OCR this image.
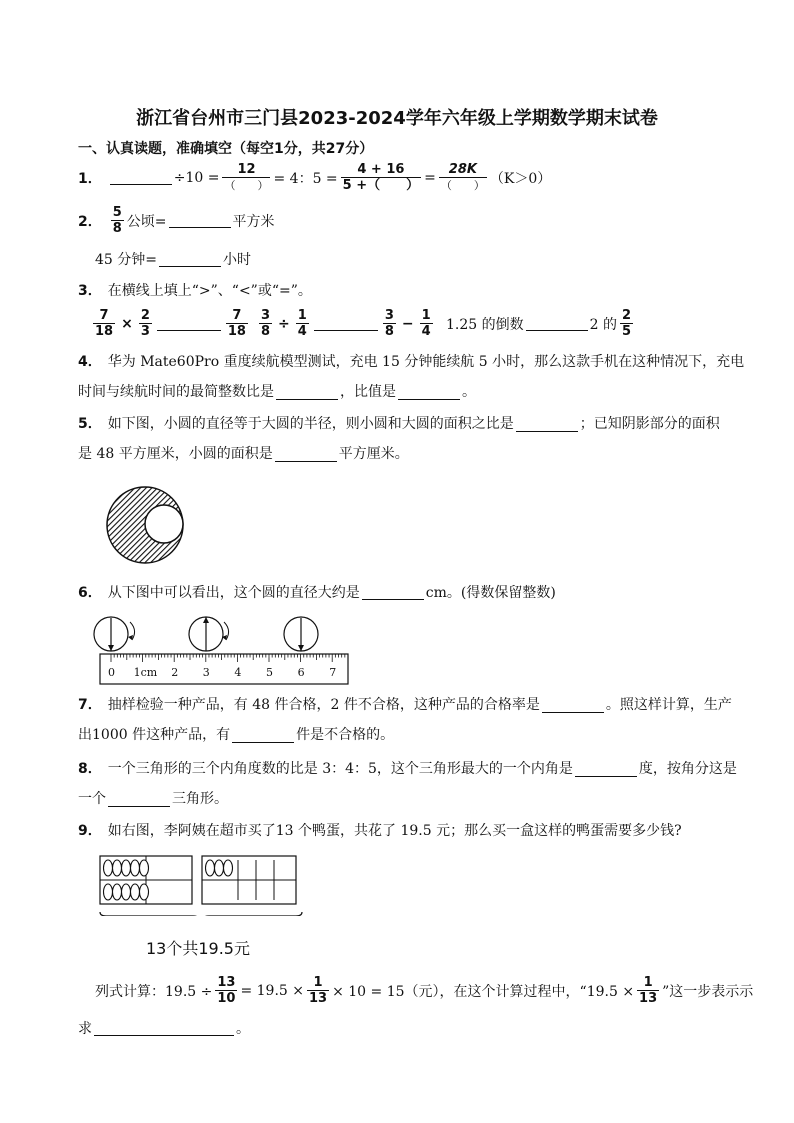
浙江省台州市三门县2023-2024学年六年级上学期数学期末试卷
一、认真读题，准确填空（每空1分，共27分）
1．	$\div 10 = \frac{12}{( )} = 4$：$5 = \frac{4 + 16}{5 +( )} = \frac{28K}{( )} (K>0)$
2． $\frac{5}{8}$ 公顷=	平方米
45 分钟=	小时
3． 在横线上填上“>”、“<”或“=”。
$\frac{7}{18} \times \frac{2}{3}$	$\frac{7}{18} \frac{3}{8} \div \frac{1}{4}$	$\frac{3}{8} - \frac{1}{4} 1.25$ 的倒数	2 的 $\frac{2}{5}$
4． 华为 Mate60Pro 重度续航模型测试，充电 15 分钟能续航 5 小时，那么这款手机在这种情况下，充电
时间与续航时间的最简整数比是	，比值是	。
5． 如下图，小圆的直径等于大圆的半径，则小圆和大圆的面积之比是	；已知阴影部分的面积
是 48 平方厘米，小圆的面积是	平方厘米。
6． 从下图中可以看出，这个圆的直径大约是	cm。(得数保留整数)
0 1cm 2 3 4 5 6 7
7． 抽样检验一种产品，有 48 件合格，2 件不合格，这种产品的合格率是	。照这样计算，生产
出1000 件这种产品，有	件是不合格的。
8． 一个三角形的三个内角度数的比是 3：4：5，这个三角形最大的一个内角是	度，按角分这是
一个	三角形。
9． 如右图，李阿姨在超市买了13 个鸭蛋，共花了 19.5 元；那么买一盒这样的鸭蛋需要多少钱?
13个共19.5元
列式计算：$19.5 \div \frac{13}{10} = 19.5 \times \frac{1}{13} \times 10 = 15$（元），在这个计算过程中，“$19.5 \times \frac{1}{13}$ ”这一步表示示
求	。
